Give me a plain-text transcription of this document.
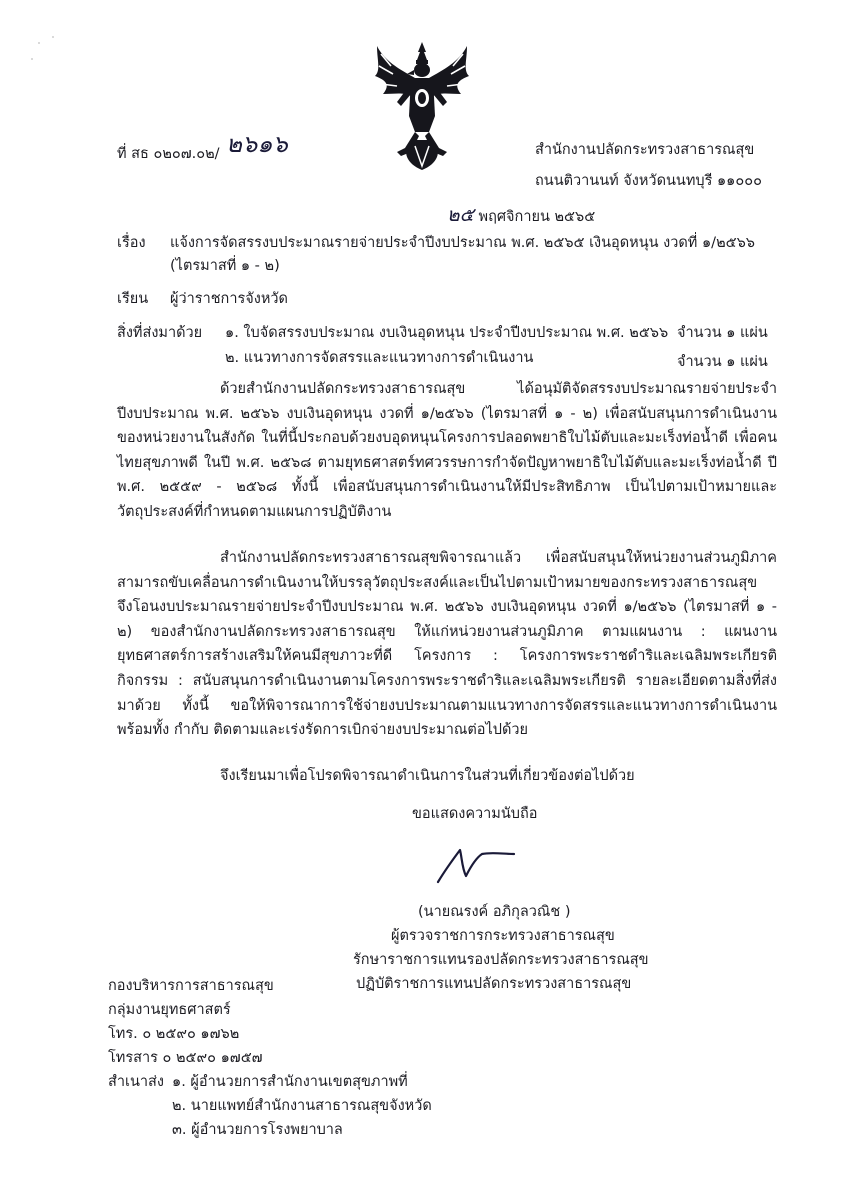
ที่ สธ ๐๒๐๗.๐๒/ ๒๖๑๖	สำนักงานปลัดกระทรวงสาธารณสุข
ถนนติวานนท์ จังหวัดนนทบุรี ๑๑๐๐๐
๒๕ พฤศจิกายน ๒๕๖๕
เรื่อง แจ้งการจัดสรรงบประมาณรายจ่ายประจำปีงบประมาณ พ.ศ. ๒๕๖๕ เงินอุดหนุน งวดที่ ๑/๒๕๖๖
(ไตรมาสที่ ๑ - ๒)
เรียน ผู้ว่าราชการจังหวัด
สิ่งที่ส่งมาด้วย ๑. ใบจัดสรรงบประมาณ งบเงินอุดหนุน ประจำปีงบประมาณ พ.ศ. ๒๕๖๖ จำนวน ๑ แผ่น
๒. แนวทางการจัดสรรและแนวทางการดำเนินงาน	จำนวน ๑ แผ่น
ด้วยสำนักงานปลัดกระทรวงสาธารณสุข ได้อนุมัติจัดสรรงบประมาณรายจ่ายประจำปีงบประมาณ พ.ศ. ๒๕๖๖ งบเงินอุดหนุน งวดที่ ๑/๒๕๖๖ (ไตรมาสที่ ๑ - ๒) เพื่อสนับสนุนการดำเนินงานของหน่วยงานในสังกัด ในที่นี้ประกอบด้วยงบอุดหนุนโครงการปลอดพยาธิใบไม้ตับและมะเร็งท่อน้ำดี เพื่อคนไทยสุขภาพดี ในปี พ.ศ. ๒๕๖๘ ตามยุทธศาสตร์ทศวรรษการกำจัดปัญหาพยาธิใบไม้ตับและมะเร็งท่อน้ำดี ปี พ.ศ. ๒๕๕๙ - ๒๕๖๘ ทั้งนี้ เพื่อสนับสนุนการดำเนินงานให้มีประสิทธิภาพ เป็นไปตามเป้าหมายและวัตถุประสงค์ที่กำหนดตามแผนการปฏิบัติงาน
สำนักงานปลัดกระทรวงสาธารณสุขพิจารณาแล้ว เพื่อสนับสนุนให้หน่วยงานส่วนภูมิภาคสามารถขับเคลื่อนการดำเนินงานให้บรรลุวัตถุประสงค์และเป็นไปตามเป้าหมายของกระทรวงสาธารณสุข จึงโอนงบประมาณรายจ่ายประจำปีงบประมาณ พ.ศ. ๒๕๖๖ งบเงินอุดหนุน งวดที่ ๑/๒๕๖๖ (ไตรมาสที่ ๑ - ๒) ของสำนักงานปลัดกระทรวงสาธารณสุข ให้แก่หน่วยงานส่วนภูมิภาค ตามแผนงาน : แผนงานยุทธศาสตร์การสร้างเสริมให้คนมีสุขภาวะที่ดี โครงการ : โครงการพระราชดำริและเฉลิมพระเกียรติ กิจกรรม : สนับสนุนการดำเนินงานตามโครงการพระราชดำริและเฉลิมพระเกียรติ รายละเอียดตามสิ่งที่ส่งมาด้วย ทั้งนี้ ขอให้พิจารณาการใช้จ่ายงบประมาณตามแนวทางการจัดสรรและแนวทางการดำเนินงาน พร้อมทั้ง กำกับ ติดตามและเร่งรัดการเบิกจ่ายงบประมาณต่อไปด้วย
จึงเรียนมาเพื่อโปรดพิจารณาดำเนินการในส่วนที่เกี่ยวข้องต่อไปด้วย
ขอแสดงความนับถือ
(นายณรงค์ อภิกุลวณิช )
ผู้ตรวจราชการกระทรวงสาธารณสุข
รักษาราชการแทนรองปลัดกระทรวงสาธารณสุข
ปฏิบัติราชการแทนปลัดกระทรวงสาธารณสุข
กองบริหารการสาธารณสุข
กลุ่มงานยุทธศาสตร์
โทร. ๐ ๒๕๙๐ ๑๗๖๒
โทรสาร ๐ ๒๕๙๐ ๑๗๕๗
สำเนาส่ง ๑. ผู้อำนวยการสำนักงานเขตสุขภาพที่
๒. นายแพทย์สำนักงานสาธารณสุขจังหวัด
๓. ผู้อำนวยการโรงพยาบาล
